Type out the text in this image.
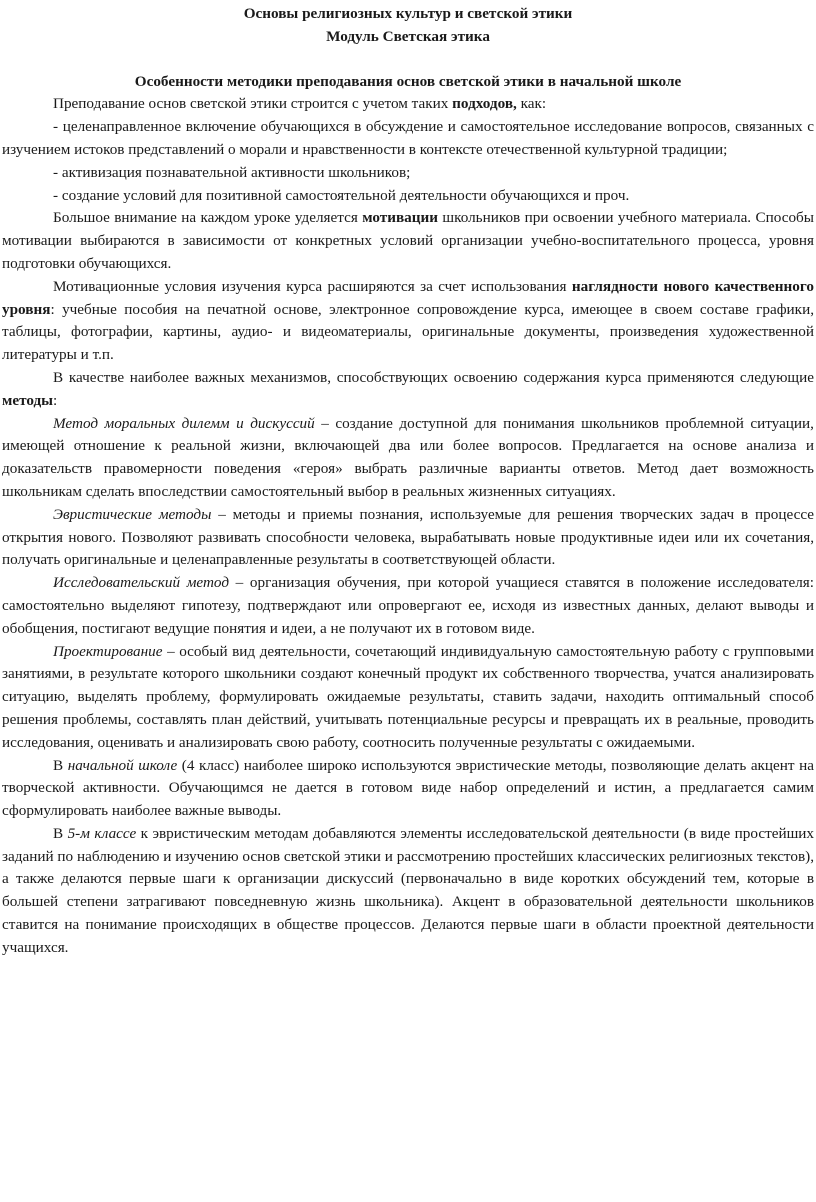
Основы религиозных культур и светской этики
Модуль Светская этика
Особенности методики преподавания основ светской этики в начальной школе

Преподавание основ светской этики строится с учетом таких подходов, как:

- целенаправленное включение обучающихся в обсуждение и самостоятельное исследование вопросов, связанных с изучением истоков представлений о морали и нравственности в контексте отечественной культурной традиции;

- активизация познавательной активности школьников;

- создание условий для позитивной самостоятельной деятельности обучающихся и проч.

Большое внимание на каждом уроке уделяется мотивации школьников при освоении учебного материала. Способы мотивации выбираются в зависимости от конкретных условий организации учебно-воспитательного процесса, уровня подготовки обучающихся.

Мотивационные условия изучения курса расширяются за счет использования наглядности нового качественного уровня: учебные пособия на печатной основе, электронное сопровождение курса, имеющее в своем составе графики, таблицы, фотографии, картины, аудио- и видеоматериалы, оригинальные документы, произведения художественной литературы и т.п.

В качестве наиболее важных механизмов, способствующих освоению содержания курса применяются следующие методы:

Метод моральных дилемм и дискуссий – создание доступной для понимания школьников проблемной ситуации, имеющей отношение к реальной жизни, включающей два или более вопросов. Предлагается на основе анализа и доказательств правомерности поведения «героя» выбрать различные варианты ответов. Метод дает возможность школьникам сделать впоследствии самостоятельный выбор в реальных жизненных ситуациях.

Эвристические методы – методы и приемы познания, используемые для решения творческих задач в процессе открытия нового. Позволяют развивать способности человека, вырабатывать новые продуктивные идеи или их сочетания, получать оригинальные и целенаправленные результаты в соответствующей области.

Исследовательский метод – организация обучения, при которой учащиеся ставятся в положение исследователя: самостоятельно выделяют гипотезу, подтверждают или опровергают ее, исходя из известных данных, делают выводы и обобщения, постигают ведущие понятия и идеи, а не получают их в готовом виде.

Проектирование – особый вид деятельности, сочетающий индивидуальную самостоятельную работу с групповыми занятиями, в результате которого школьники создают конечный продукт их собственного творчества, учатся анализировать ситуацию, выделять проблему, формулировать ожидаемые результаты, ставить задачи, находить оптимальный способ решения проблемы, составлять план действий, учитывать потенциальные ресурсы и превращать их в реальные, проводить исследования, оценивать и анализировать свою работу, соотносить полученные результаты с ожидаемыми.

В начальной школе (4 класс) наиболее широко используются эвристические методы, позволяющие делать акцент на творческой активности. Обучающимся не дается в готовом виде набор определений и истин, а предлагается самим сформулировать наиболее важные выводы.

В 5-м классе к эвристическим методам добавляются элементы исследовательской деятельности (в виде простейших заданий по наблюдению и изучению основ светской этики и рассмотрению простейших классических религиозных текстов), а также делаются первые шаги к организации дискуссий (первоначально в виде коротких обсуждений тем, которые в большей степени затрагивают повседневную жизнь школьника). Акцент в образовательной деятельности школьников ставится на понимание происходящих в обществе процессов. Делаются первые шаги в области проектной деятельности учащихся.
